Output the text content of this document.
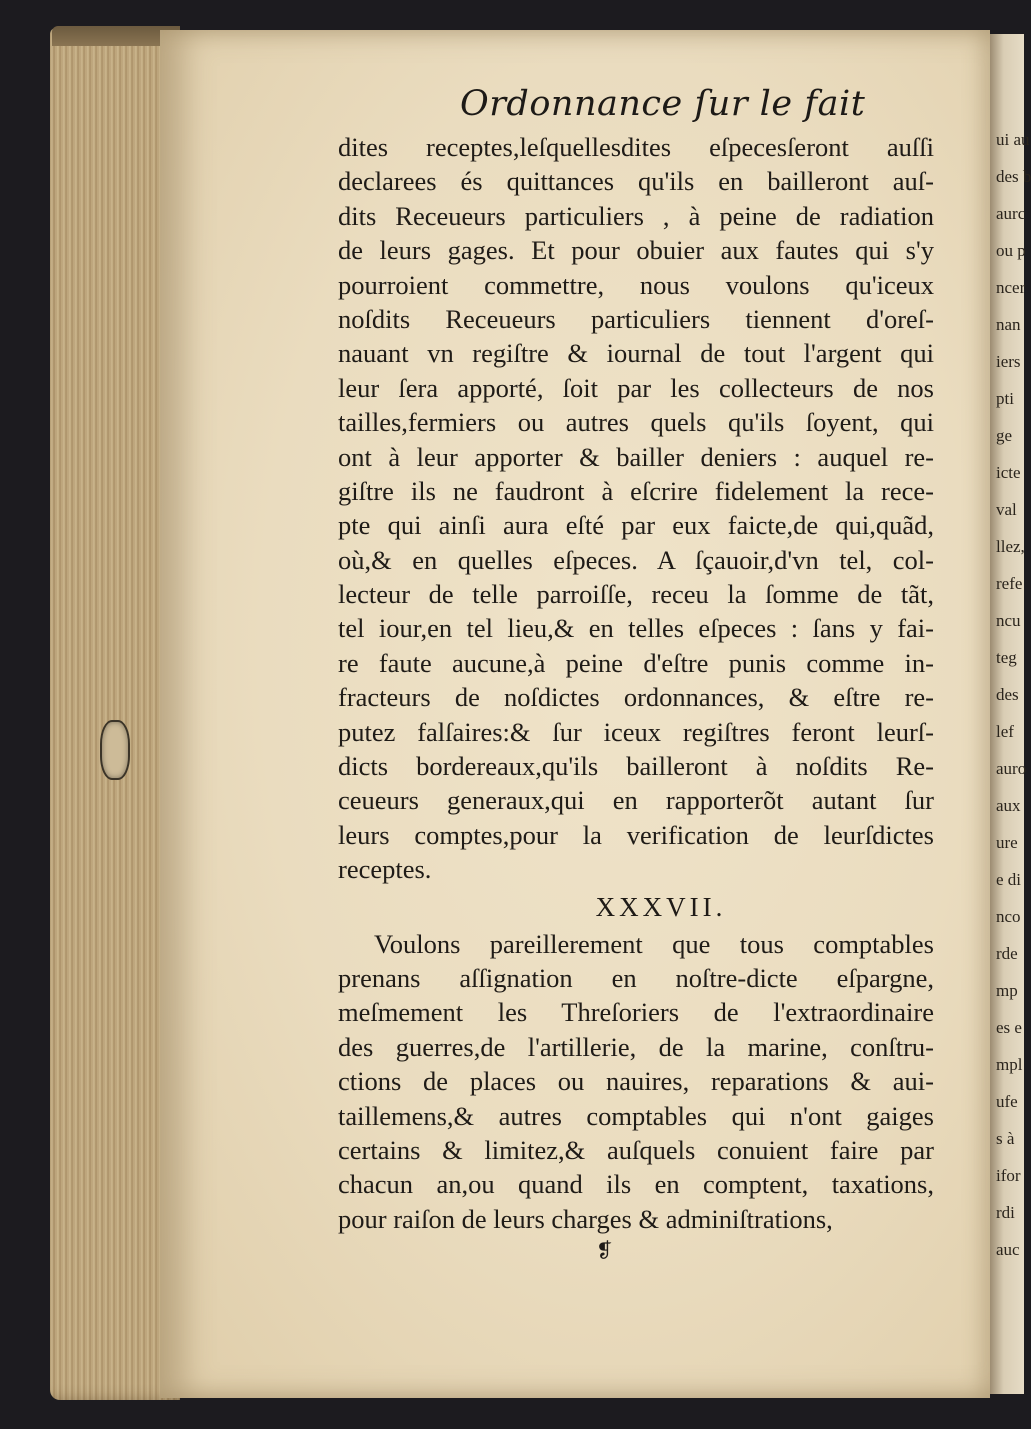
ui au
des b
aurc
ou p
ncer
nan
iers
pti
ge
icte
val
llez,
refe
ncu
teg
des
lef
auro
aux
ure
e di
nco
rde
mp
es e
mpl
ufe
s à
ifor
rdi
auc
Ordonnance ſur le fait
dites receptes,leſquellesdites eſpecesſeront auſſi
declarees és quittances qu'ils en bailleront auſ-
dits Receueurs particuliers , à peine de radiation
de leurs gages. Et pour obuier aux fautes qui s'y
pourroient commettre, nous voulons qu'iceux
noſdits Receueurs particuliers tiennent d'oreſ-
nauant vn regiſtre & iournal de tout l'argent qui
leur ſera apporté, ſoit par les collecteurs de nos
tailles,fermiers ou autres quels qu'ils ſoyent, qui
ont à leur apporter & bailler deniers : auquel re-
giſtre ils ne faudront à eſcrire fidelement la rece-
pte qui ainſi aura eſté par eux faicte,de qui,quãd,
où,& en quelles eſpeces. A ſçauoir,d'vn tel, col-
lecteur de telle parroiſſe, receu la ſomme de tãt,
tel iour,en tel lieu,& en telles eſpeces : ſans y fai-
re faute aucune,à peine d'eſtre punis comme in-
fracteurs de noſdictes ordonnances, & eſtre re-
putez falſaires:& ſur iceux regiſtres feront leurſ-
dicts bordereaux,qu'ils bailleront à noſdits Re-
ceueurs generaux,qui en rapporterõt autant ſur
leurs comptes,pour la verification de leurſdictes
receptes.
XXXVII.
Voulons pareillerement que tous comptables
prenans aſſignation en noſtre-dicte eſpargne,
meſmement les Threſoriers de l'extraordinaire
des guerres,de l'artillerie, de la marine, conſtru-
ctions de places ou nauires, reparations & aui-
taillemens,& autres comptables qui n'ont gaiges
certains & limitez,& auſquels conuient faire par
chacun an,ou quand ils en comptent, taxations,
pour raiſon de leurs charges & adminiſtrations,
❡
